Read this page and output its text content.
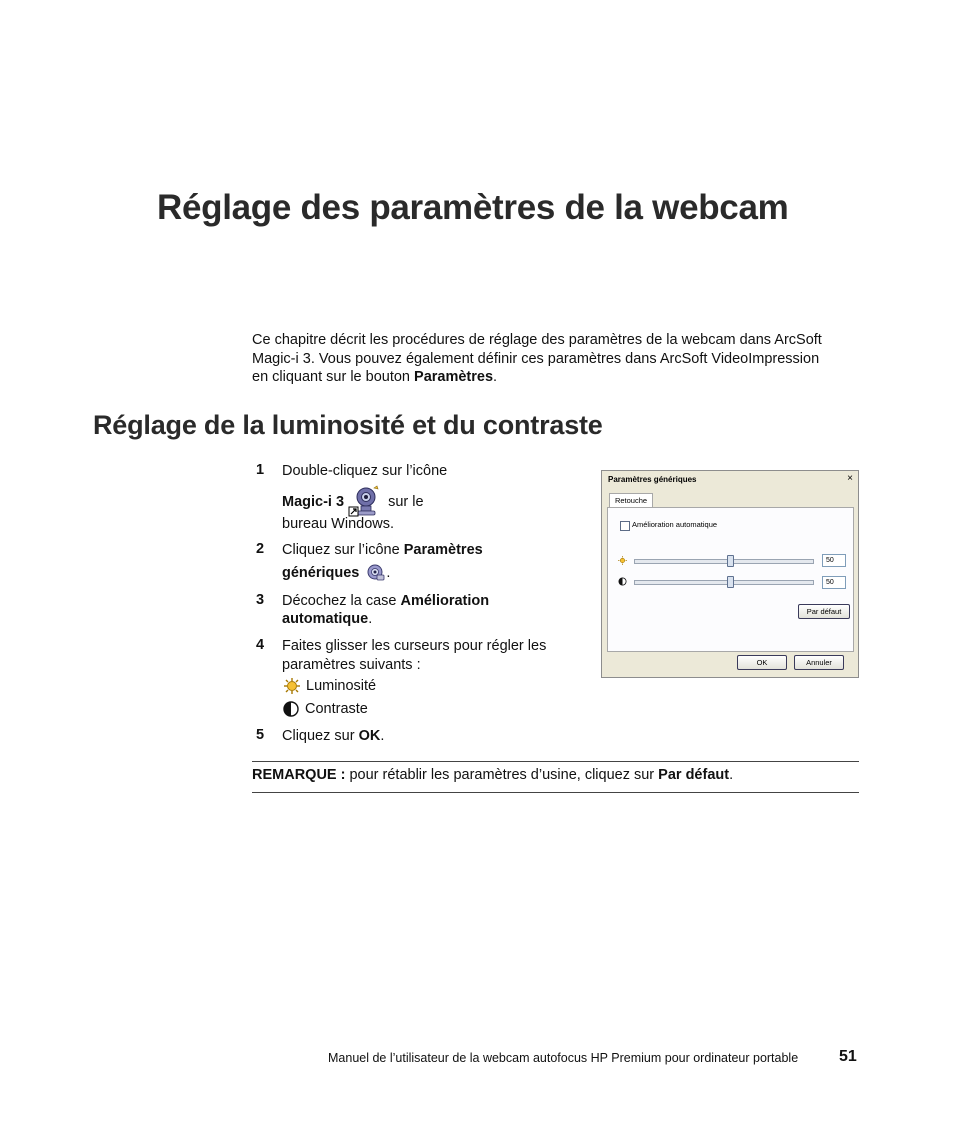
Réglage des paramètres de la webcam
Ce chapitre décrit les procédures de réglage des paramètres de la webcam dans ArcSoft
Magic-i 3. Vous pouvez également définir ces paramètres dans ArcSoft VideoImpression
en cliquant sur le bouton Paramètres.
Réglage de la luminosité et du contraste
1 Double-cliquez sur l’icône
Magic-i 3	sur le
bureau Windows.
2 Cliquez sur l’icône Paramètres
génériques .
3 Décochez la case Amélioration
automatique.
4 Faites glisser les curseurs pour régler les
paramètres suivants :
Luminosité
Contraste
5 Cliquez sur OK.
REMARQUE : pour rétablir les paramètres d’usine, cliquez sur Par défaut.
Paramètres génériques	×
Retouche
Amélioration automatique
50
50
Par défaut
OK	Annuler
Manuel de l’utilisateur de la webcam autofocus HP Premium pour ordinateur portable	51
